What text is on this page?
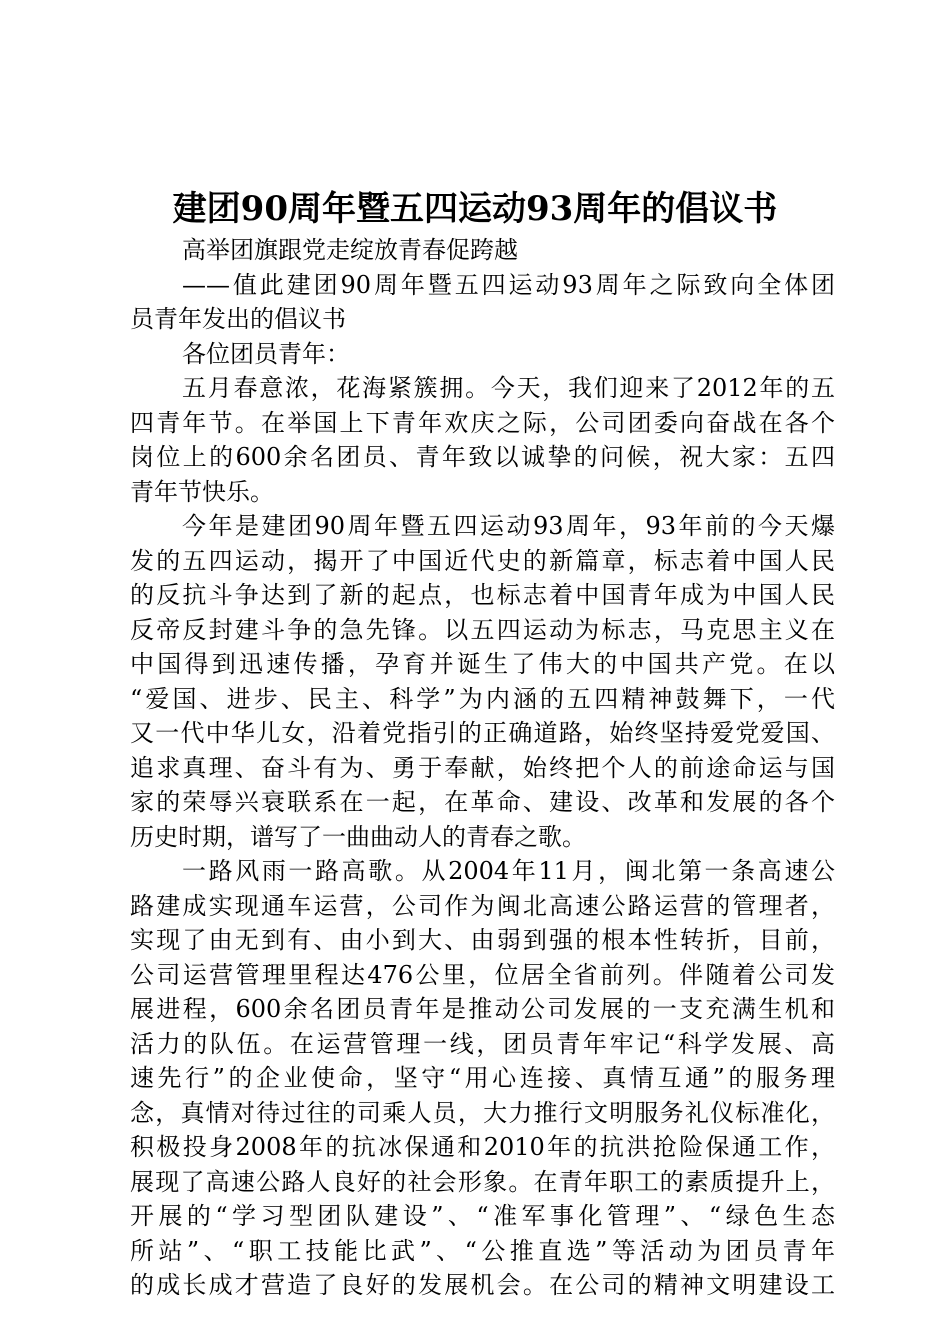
建团90周年暨五四运动93周年的倡议书
高举团旗跟党走绽放青春促跨越
——值此建团90周年暨五四运动93周年之际致向全体团
员青年发出的倡议书
各位团员青年：
五月春意浓，花海紧簇拥。今天，我们迎来了2012年的五
四青年节。在举国上下青年欢庆之际，公司团委向奋战在各个
岗位上的600余名团员、青年致以诚挚的问候，祝大家：五四
青年节快乐。
今年是建团90周年暨五四运动93周年，93年前的今天爆
发的五四运动，揭开了中国近代史的新篇章，标志着中国人民
的反抗斗争达到了新的起点，也标志着中国青年成为中国人民
反帝反封建斗争的急先锋。以五四运动为标志，马克思主义在
中国得到迅速传播，孕育并诞生了伟大的中国共产党。在以
“爱国、进步、民主、科学”为内涵的五四精神鼓舞下，一代
又一代中华儿女，沿着党指引的正确道路，始终坚持爱党爱国、
追求真理、奋斗有为、勇于奉献，始终把个人的前途命运与国
家的荣辱兴衰联系在一起，在革命、建设、改革和发展的各个
历史时期，谱写了一曲曲动人的青春之歌。
一路风雨一路高歌。从2004年11月，闽北第一条高速公
路建成实现通车运营，公司作为闽北高速公路运营的管理者，
实现了由无到有、由小到大、由弱到强的根本性转折，目前，
公司运营管理里程达476公里，位居全省前列。伴随着公司发
展进程，600余名团员青年是推动公司发展的一支充满生机和
活力的队伍。在运营管理一线，团员青年牢记“科学发展、高
速先行”的企业使命，坚守“用心连接、真情互通”的服务理
念，真情对待过往的司乘人员，大力推行文明服务礼仪标准化，
积极投身2008年的抗冰保通和2010年的抗洪抢险保通工作，
展现了高速公路人良好的社会形象。在青年职工的素质提升上，
开展的“学习型团队建设”、“准军事化管理”、“绿色生态
所站”、“职工技能比武”、“公推直选”等活动为团员青年
的成长成才营造了良好的发展机会。在公司的精神文明建设工
